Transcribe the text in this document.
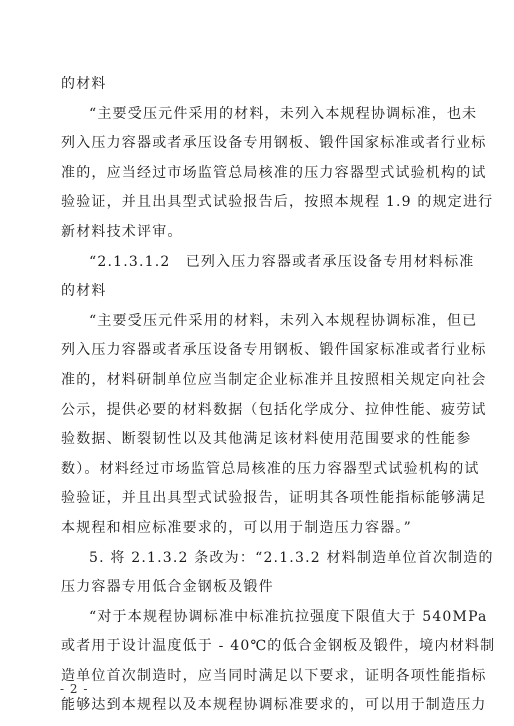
的材料
“主要受压元件采用的材料，未列入本规程协调标准，也未
列入压力容器或者承压设备专用钢板、锻件国家标准或者行业标
准的，应当经过市场监管总局核准的压力容器型式试验机构的试
验验证，并且出具型式试验报告后，按照本规程 1.9 的规定进行
新材料技术评审。
“2.1.3.1.2　已列入压力容器或者承压设备专用材料标准
的材料
“主要受压元件采用的材料，未列入本规程协调标准，但已
列入压力容器或者承压设备专用钢板、锻件国家标准或者行业标
准的，材料研制单位应当制定企业标准并且按照相关规定向社会
公示，提供必要的材料数据（包括化学成分、拉伸性能、疲劳试
验数据、断裂韧性以及其他满足该材料使用范围要求的性能参
数）。材料经过市场监管总局核准的压力容器型式试验机构的试
验验证，并且出具型式试验报告，证明其各项性能指标能够满足
本规程和相应标准要求的，可以用于制造压力容器。”
5. 将 2.1.3.2 条改为：“2.1.3.2 材料制造单位首次制造的
压力容器专用低合金钢板及锻件
“对于本规程协调标准中标准抗拉强度下限值大于 540MPa
或者用于设计温度低于 - 40℃的低合金钢板及锻件，境内材料制
造单位首次制造时，应当同时满足以下要求，证明各项性能指标
能够达到本规程以及本规程协调标准要求的，可以用于制造压力
- 2 -
